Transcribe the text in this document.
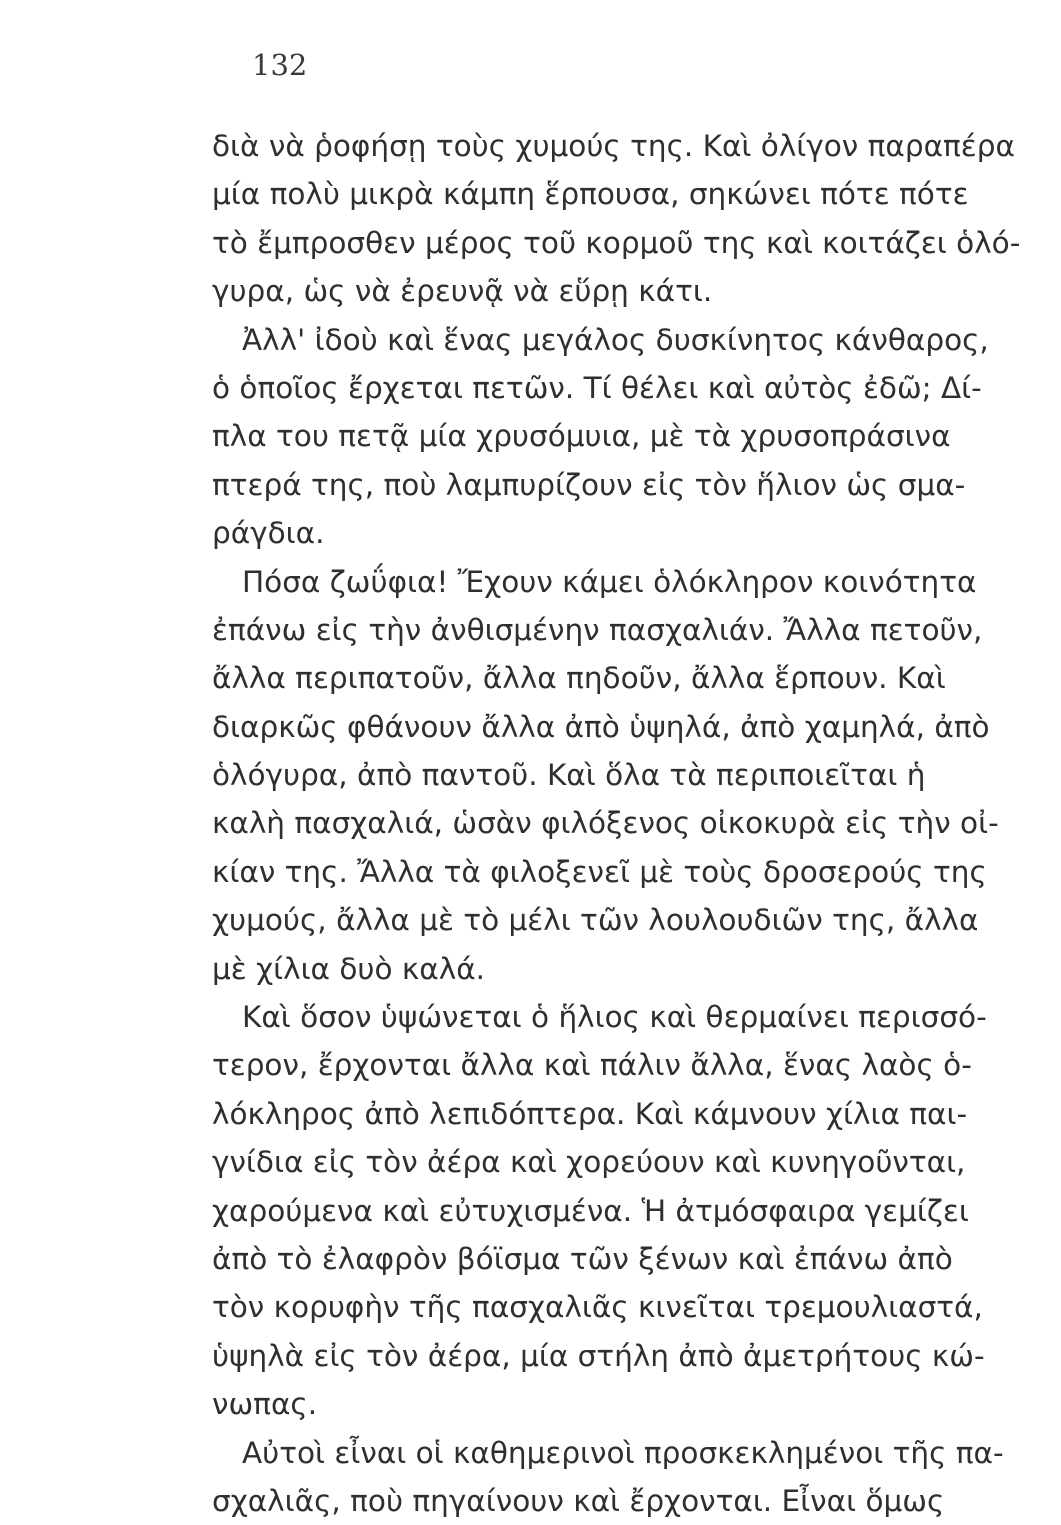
132
διὰ νὰ ῥοφήσῃ τοὺς χυμούς της. Καὶ ὀλίγον παραπέρα
μία πολὺ μικρὰ κάμπη ἕρπουσα, σηκώνει πότε πότε
τὸ ἔμπροσθεν μέρος τοῦ κορμοῦ της καὶ κοιτάζει ὁλό-
γυρα, ὡς νὰ ἐρευνᾷ νὰ εὕρῃ κάτι.
Ἀλλ' ἰδοὺ καὶ ἕνας μεγάλος δυσκίνητος κάνθαρος,
ὁ ὁποῖος ἔρχεται πετῶν. Τί θέλει καὶ αὐτὸς ἐδῶ; Δί-
πλα του πετᾷ μία χρυσόμυια, μὲ τὰ χρυσοπράσινα
πτερά της, ποὺ λαμπυρίζουν εἰς τὸν ἥλιον ὡς σμα-
ράγδια.
Πόσα ζωΰφια! Ἔχουν κάμει ὁλόκληρον κοινότητα
ἐπάνω εἰς τὴν ἀνθισμένην πασχαλιάν. Ἄλλα πετοῦν,
ἄλλα περιπατοῦν, ἄλλα πηδοῦν, ἄλλα ἕρπουν. Καὶ
διαρκῶς φθάνουν ἄλλα ἀπὸ ὑψηλά, ἀπὸ χαμηλά, ἀπὸ
ὁλόγυρα, ἀπὸ παντοῦ. Καὶ ὅλα τὰ περιποιεῖται ἡ
καλὴ πασχαλιά, ὡσὰν φιλόξενος οἰκοκυρὰ εἰς τὴν οἰ-
κίαν της. Ἄλλα τὰ φιλοξενεῖ μὲ τοὺς δροσερούς της
χυμούς, ἄλλα μὲ τὸ μέλι τῶν λουλουδιῶν της, ἄλλα
μὲ χίλια δυὸ καλά.
Καὶ ὅσον ὑψώνεται ὁ ἥλιος καὶ θερμαίνει περισσό-
τερον, ἔρχονται ἄλλα καὶ πάλιν ἄλλα, ἕνας λαὸς ὁ-
λόκληρος ἀπὸ λεπιδόπτερα. Καὶ κάμνουν χίλια παι-
γνίδια εἰς τὸν ἀέρα καὶ χορεύουν καὶ κυνηγοῦνται,
χαρούμενα καὶ εὐτυχισμένα. Ἡ ἀτμόσφαιρα γεμίζει
ἀπὸ τὸ ἐλαφρὸν βόϊσμα τῶν ξένων καὶ ἐπάνω ἀπὸ
τὸν κορυφὴν τῆς πασχαλιᾶς κινεῖται τρεμουλιαστά,
ὑψηλὰ εἰς τὸν ἀέρα, μία στήλη ἀπὸ ἀμετρήτους κώ-
νωπας.
Αὐτοὶ εἶναι οἱ καθημερινοὶ προσκεκλημένοι τῆς πα-
σχαλιᾶς, ποὺ πηγαίνουν καὶ ἔρχονται. Εἶναι ὅμως
